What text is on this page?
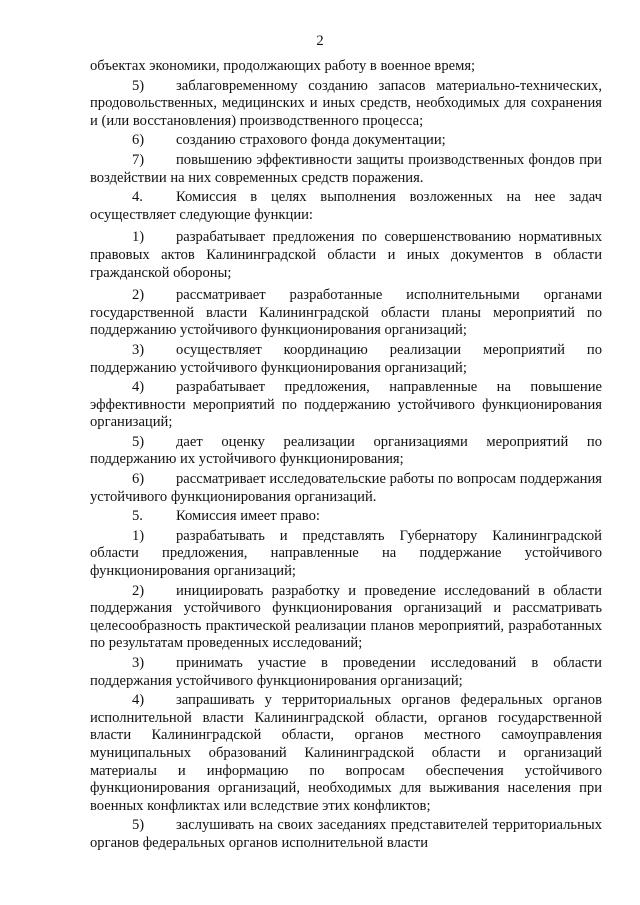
2

объектах экономики, продолжающих работу в военное время;

5) заблаговременному созданию запасов материально-технических, продовольственных, медицинских и иных средств, необходимых для сохранения и (или восстановления) производственного процесса;

6) созданию страхового фонда документации;

7) повышению эффективности защиты производственных фондов при воздействии на них современных средств поражения.

4. Комиссия в целях выполнения возложенных на нее задач осуществляет следующие функции:

1) разрабатывает предложения по совершенствованию нормативных правовых актов Калининградской области и иных документов в области гражданской обороны;

2) рассматривает разработанные исполнительными органами государственной власти Калининградской области планы мероприятий по поддержанию устойчивого функционирования организаций;

3) осуществляет координацию реализации мероприятий по поддержанию устойчивого функционирования организаций;

4) разрабатывает предложения, направленные на повышение эффективности мероприятий по поддержанию устойчивого функционирования организаций;

5) дает оценку реализации организациями мероприятий по поддержанию их устойчивого функционирования;

6) рассматривает исследовательские работы по вопросам поддержания устойчивого функционирования организаций.

5. Комиссия имеет право:

1) разрабатывать и представлять Губернатору Калининградской области предложения, направленные на поддержание устойчивого функционирования организаций;

2) инициировать разработку и проведение исследований в области поддержания устойчивого функционирования организаций и рассматривать целесообразность практической реализации планов мероприятий, разработанных по результатам проведенных исследований;

3) принимать участие в проведении исследований в области поддержания устойчивого функционирования организаций;

4) запрашивать у территориальных органов федеральных органов исполнительной власти Калининградской области, органов государственной власти Калининградской области, органов местного самоуправления муниципальных образований Калининградской области и организаций материалы и информацию по вопросам обеспечения устойчивого функционирования организаций, необходимых для выживания населения при военных конфликтах или вследствие этих конфликтов;

5) заслушивать на своих заседаниях представителей территориальных органов федеральных органов исполнительной власти
